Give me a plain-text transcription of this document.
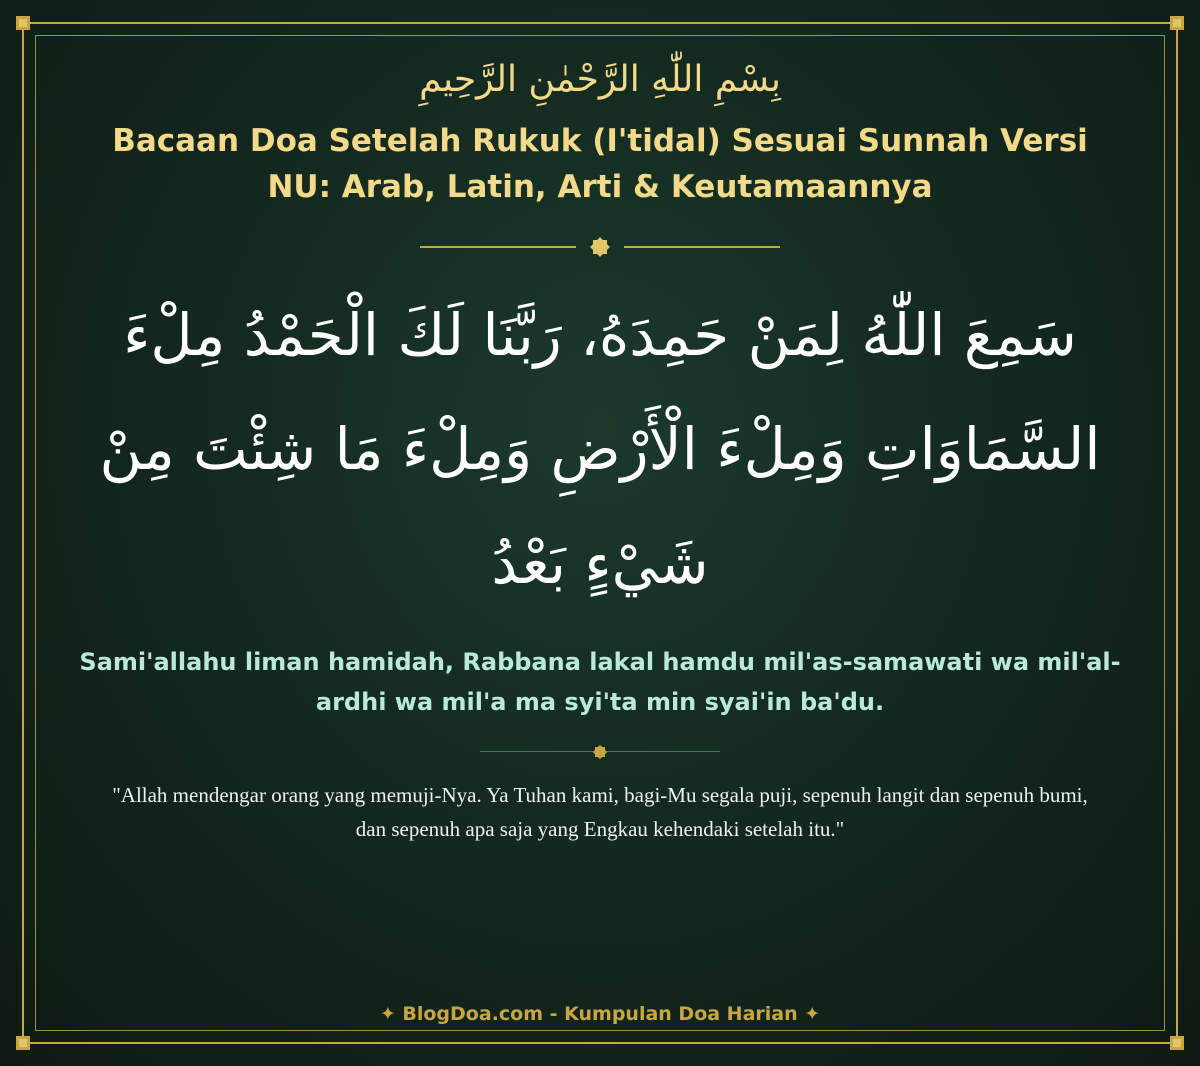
بِسْمِ اللّٰهِ الرَّحْمٰنِ الرَّحِيمِ
Bacaan Doa Setelah Rukuk (I'tidal) Sesuai Sunnah Versi NU: Arab, Latin, Arti & Keutamaannya
سَمِعَ اللّٰهُ لِمَنْ حَمِدَهُ، رَبَّنَا لَكَ الْحَمْدُ مِلْءَ السَّمَاوَاتِ وَمِلْءَ الْأَرْضِ وَمِلْءَ مَا شِئْتَ مِنْ شَيْءٍ بَعْدُ
Sami'allahu liman hamidah, Rabbana lakal hamdu mil'as-samawati wa mil'al-ardhi wa mil'a ma syi'ta min syai'in ba'du.
"Allah mendengar orang yang memuji-Nya. Ya Tuhan kami, bagi-Mu segala puji, sepenuh langit dan sepenuh bumi, dan sepenuh apa saja yang Engkau kehendaki setelah itu."
✦ BlogDoa.com - Kumpulan Doa Harian ✦
